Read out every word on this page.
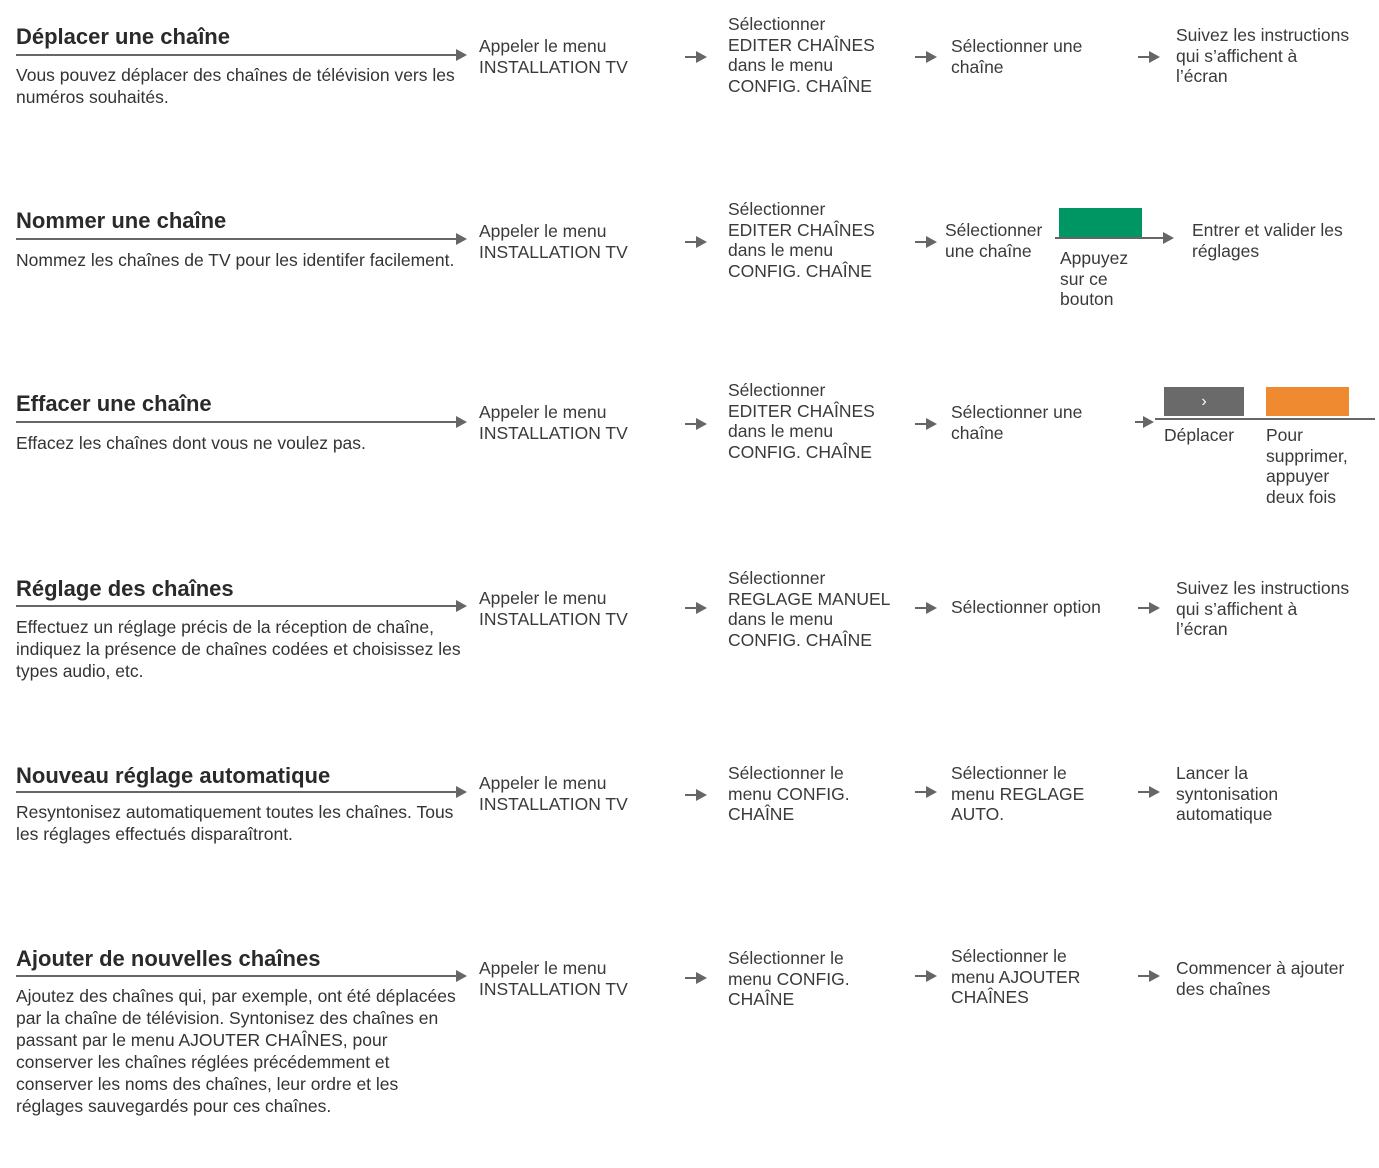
Déplacer une chaîne
Vous pouvez déplacer des chaînes de télévision vers les numéros souhaités.
Appeler le menu
INSTALLATION TV
Sélectionner
EDITER CHAÎNES
dans le menu
CONFIG. CHAÎNE
Sélectionner une
chaîne
Suivez les instructions
qui s’affichent à
l’écran
Nommer une chaîne
Nommez les chaînes de TV pour les identifer facilement.
Appeler le menu
INSTALLATION TV
Sélectionner
EDITER CHAÎNES
dans le menu
CONFIG. CHAÎNE
Sélectionner
une chaîne	Appuyez
sur ce
bouton
Entrer et valider les
réglages
Effacer une chaîne
Effacez les chaînes dont vous ne voulez pas.
Appeler le menu
INSTALLATION TV
Sélectionner
EDITER CHAÎNES
dans le menu
CONFIG. CHAÎNE
Sélectionner une
chaîne
›
Déplacer Pour
supprimer,
appuyer
deux fois
Réglage des chaînes
Effectuez un réglage précis de la réception de chaîne, indiquez la présence de chaînes codées et choisissez les types audio, etc.
Appeler le menu
INSTALLATION TV
Sélectionner
REGLAGE MANUEL
dans le menu
CONFIG. CHAÎNE
Sélectionner option
Suivez les instructions
qui s’affichent à
l’écran
Nouveau réglage automatique
Resyntonisez automatiquement toutes les chaînes. Tous les réglages effectués disparaîtront.
Appeler le menu
INSTALLATION TV
Sélectionner le
menu CONFIG.
CHAÎNE
Sélectionner le
menu REGLAGE
AUTO.
Lancer la
syntonisation
automatique
Ajouter de nouvelles chaînes
Ajoutez des chaînes qui, par exemple, ont été déplacées par la chaîne de télévision. Syntonisez des chaînes en passant par le menu AJOUTER CHAÎNES, pour conserver les chaînes réglées précédemment et conserver les noms des chaînes, leur ordre et les réglages sauvegardés pour ces chaînes.
Appeler le menu
INSTALLATION TV
Sélectionner le
menu CONFIG.
CHAÎNE
Sélectionner le
menu AJOUTER
CHAÎNES
Commencer à ajouter
des chaînes
